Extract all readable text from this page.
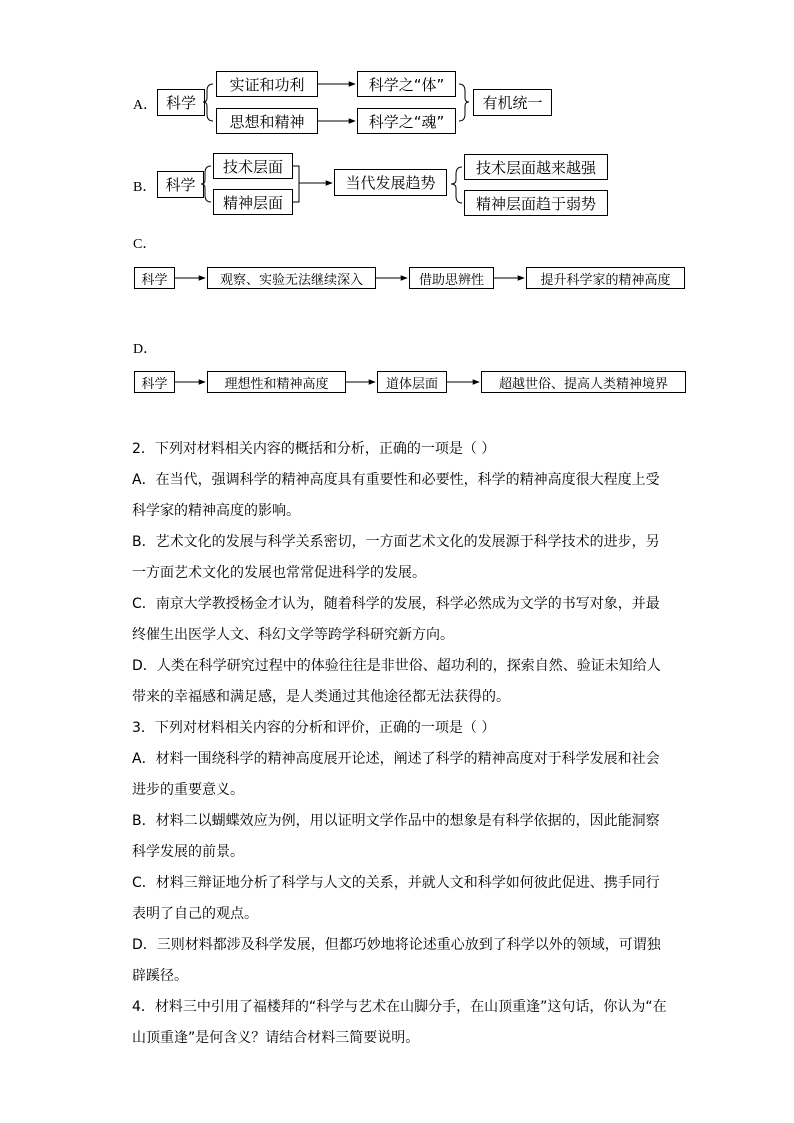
A． 科学
实证和功利
思想和精神
科学之“体”
科学之“魂”
有机统一
B． 科学
技术层面
精神层面
当代发展趋势
技术层面越来越强
精神层面趋于弱势
C．
科学	观察、实验无法继续深入	借助思辨性	提升科学家的精神高度
D．
科学	理想性和精神高度	道体层面	超越世俗、提高人类精神境界

2．下列对材料相关内容的概括和分析，正确的一项是（ ）

A．在当代，强调科学的精神高度具有重要性和必要性，科学的精神高度很大程度上受

科学家的精神高度的影响。

B．艺术文化的发展与科学关系密切，一方面艺术文化的发展源于科学技术的进步，另

一方面艺术文化的发展也常常促进科学的发展。

C．南京大学教授杨金才认为，随着科学的发展，科学必然成为文学的书写对象，并最

终催生出医学人文、科幻文学等跨学科研究新方向。

D．人类在科学研究过程中的体验往往是非世俗、超功利的，探索自然、验证未知给人

带来的幸福感和满足感，是人类通过其他途径都无法获得的。

3．下列对材料相关内容的分析和评价，正确的一项是（ ）

A．材料一围绕科学的精神高度展开论述，阐述了科学的精神高度对于科学发展和社会

进步的重要意义。

B．材料二以蝴蝶效应为例，用以证明文学作品中的想象是有科学依据的，因此能洞察

科学发展的前景。

C．材料三辩证地分析了科学与人文的关系，并就人文和科学如何彼此促进、携手同行

表明了自己的观点。

D．三则材料都涉及科学发展，但都巧妙地将论述重心放到了科学以外的领域，可谓独

辟蹊径。

4．材料三中引用了福楼拜的“科学与艺术在山脚分手，在山顶重逢”这句话，你认为“在

山顶重逢”是何含义？请结合材料三简要说明。
